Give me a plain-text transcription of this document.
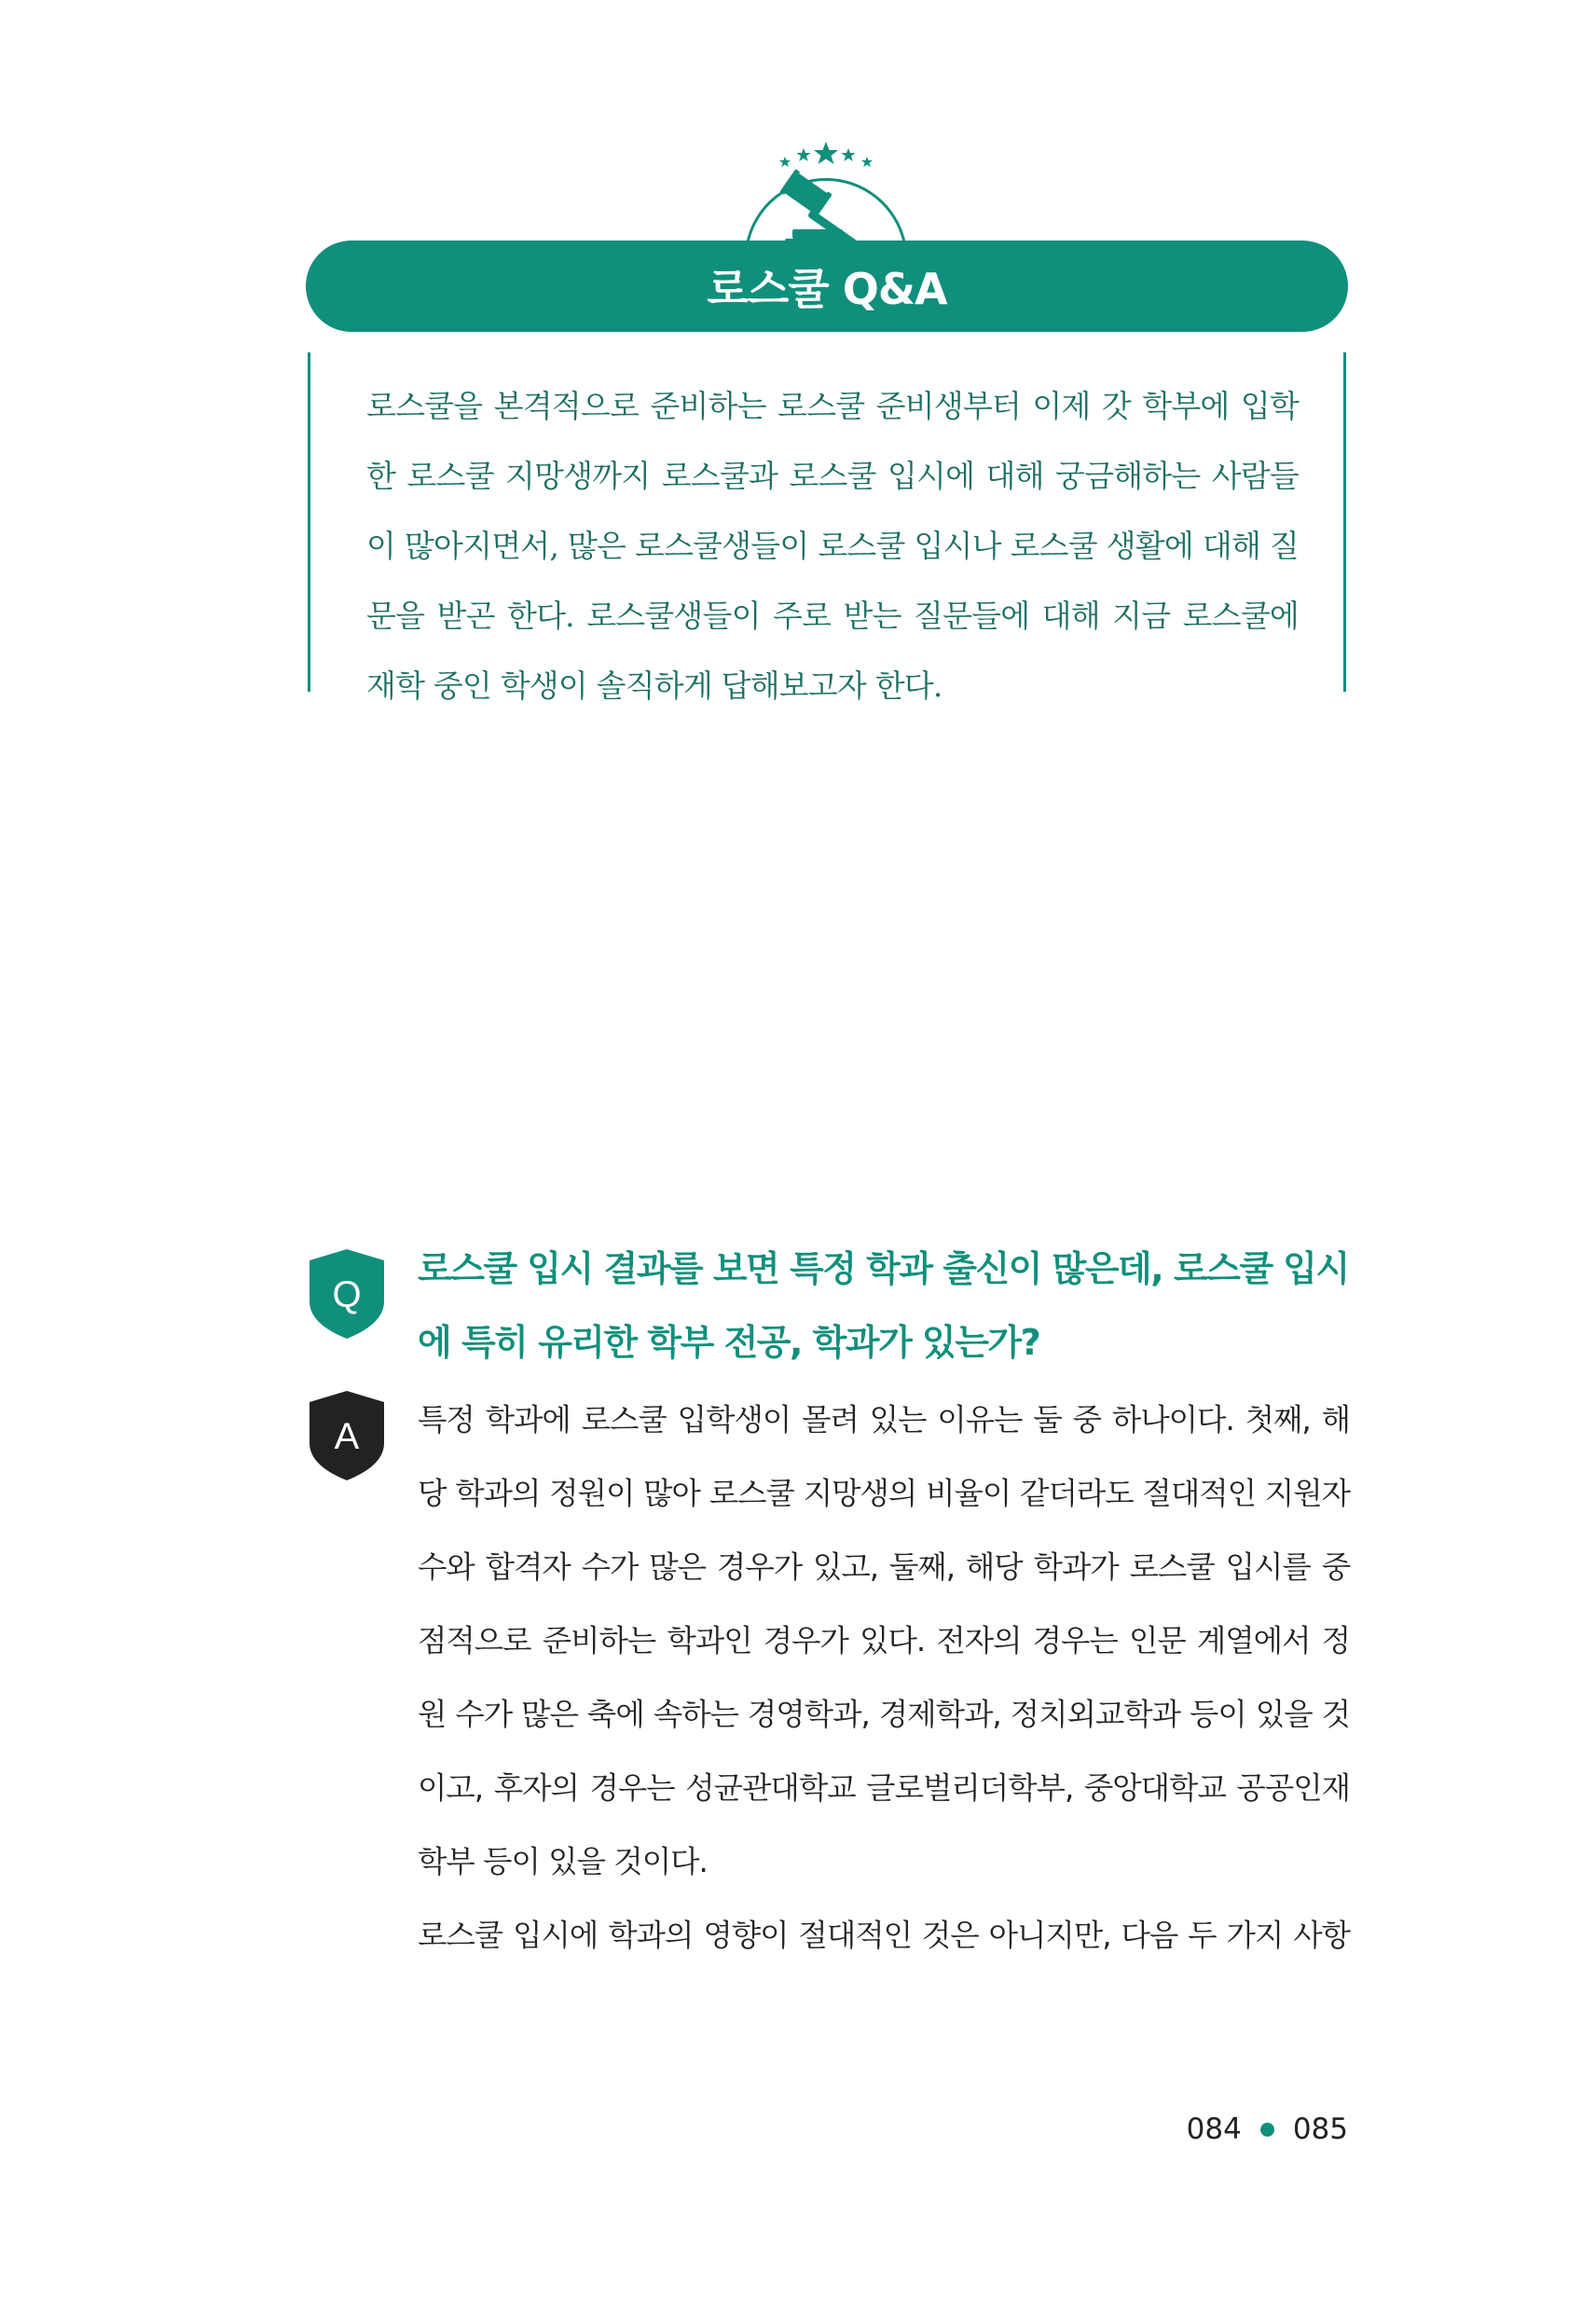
로스쿨 Q&A

로스쿨을 본격적으로 준비하는 로스쿨 준비생부터 이제 갓 학부에 입학한 로스쿨 지망생까지 로스쿨과 로스쿨 입시에 대해 궁금해하는 사람들이 많아지면서, 많은 로스쿨생들이 로스쿨 입시나 로스쿨 생활에 대해 질문을 받곤 한다. 로스쿨생들이 주로 받는 질문들에 대해 지금 로스쿨에 재학 중인 학생이 솔직하게 답해보고자 한다.

Q

로스쿨 입시 결과를 보면 특정 학과 출신이 많은데, 로스쿨 입시에 특히 유리한 학부 전공, 학과가 있는가?

A 특정 학과에 로스쿨 입학생이 몰려 있는 이유는 둘 중 하나이다. 첫째, 해당 학과의 정원이 많아 로스쿨 지망생의 비율이 같더라도 절대적인 지원자 수와 합격자 수가 많은 경우가 있고, 둘째, 해당 학과가 로스쿨 입시를 중점적으로 준비하는 학과인 경우가 있다. 전자의 경우는 인문 계열에서 정원 수가 많은 축에 속하는 경영학과, 경제학과, 정치외교학과 등이 있을 것이고, 후자의 경우는 성균관대학교 글로벌리더학부, 중앙대학교 공공인재학부 등이 있을 것이다.

로스쿨 입시에 학과의 영향이 절대적인 것은 아니지만, 다음 두 가지 사항

084 085
